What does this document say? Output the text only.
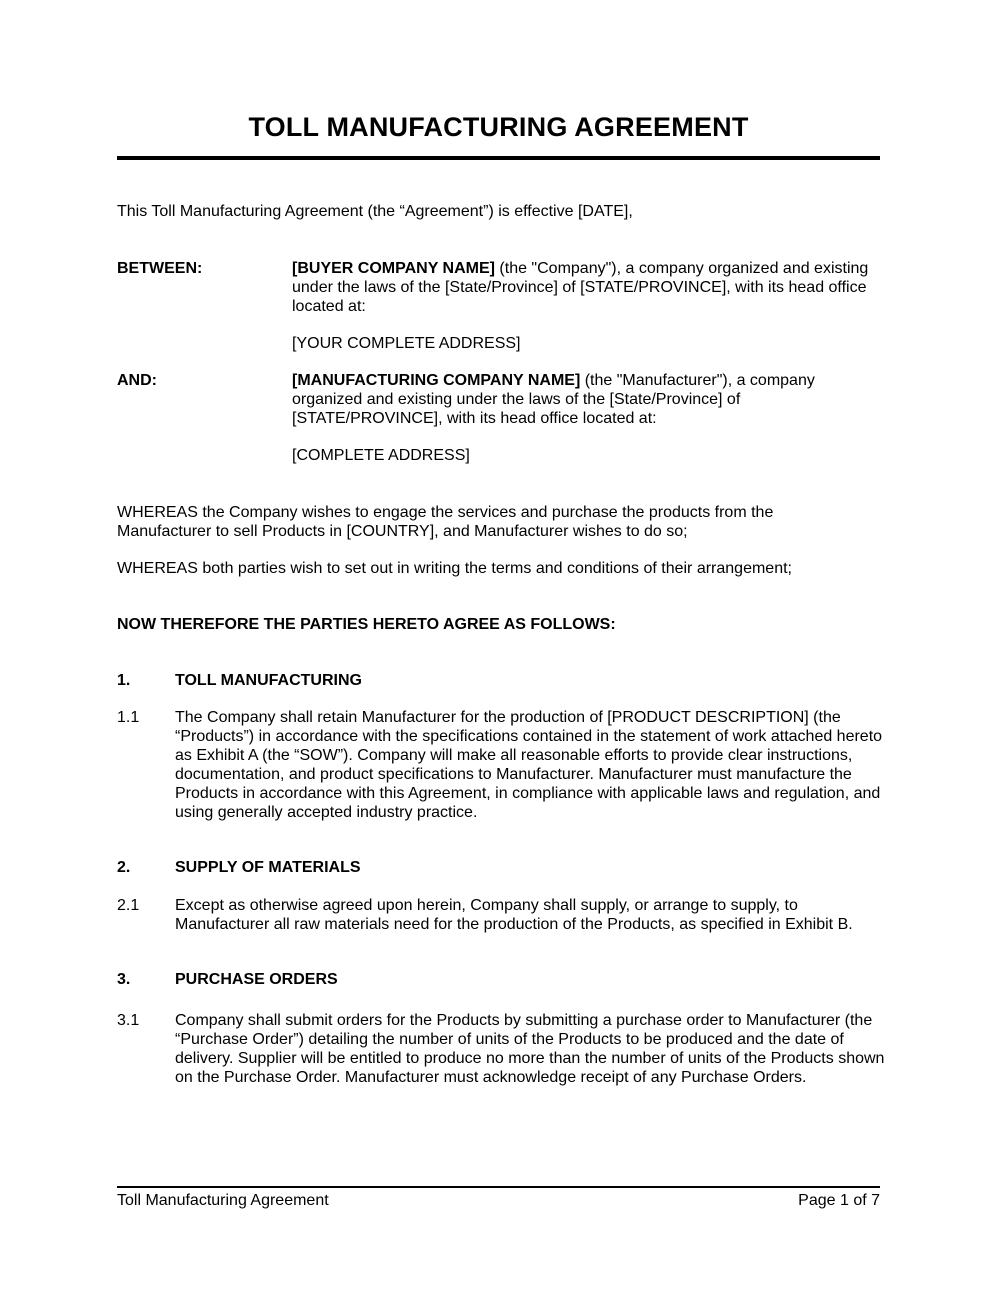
TOLL MANUFACTURING AGREEMENT
This Toll Manufacturing Agreement (the “Agreement”) is effective [DATE],
BETWEEN:	[BUYER COMPANY NAME] (the "Company"), a company organized and existing under the laws of the [State/Province] of [STATE/PROVINCE], with its head office located at:
[YOUR COMPLETE ADDRESS]
AND:	[MANUFACTURING COMPANY NAME] (the "Manufacturer"), a company organized and existing under the laws of the [State/Province] of [STATE/PROVINCE], with its head office located at:
[COMPLETE ADDRESS]
WHEREAS the Company wishes to engage the services and purchase the products from the Manufacturer to sell Products in [COUNTRY], and Manufacturer wishes to do so;
WHEREAS both parties wish to set out in writing the terms and conditions of their arrangement;
NOW THEREFORE THE PARTIES HERETO AGREE AS FOLLOWS:
1.	TOLL MANUFACTURING
1.1 The Company shall retain Manufacturer for the production of [PRODUCT DESCRIPTION] (the “Products”) in accordance with the specifications contained in the statement of work attached hereto as Exhibit A (the “SOW”). Company will make all reasonable efforts to provide clear instructions, documentation, and product specifications to Manufacturer. Manufacturer must manufacture the Products in accordance with this Agreement, in compliance with applicable laws and regulation, and using generally accepted industry practice.
2.	SUPPLY OF MATERIALS
2.1 Except as otherwise agreed upon herein, Company shall supply, or arrange to supply, to Manufacturer all raw materials need for the production of the Products, as specified in Exhibit B.
3.	PURCHASE ORDERS
3.1 Company shall submit orders for the Products by submitting a purchase order to Manufacturer (the “Purchase Order”) detailing the number of units of the Products to be produced and the date of delivery. Supplier will be entitled to produce no more than the number of units of the Products shown on the Purchase Order. Manufacturer must acknowledge receipt of any Purchase Orders.
Toll Manufacturing Agreement	Page 1 of 7
